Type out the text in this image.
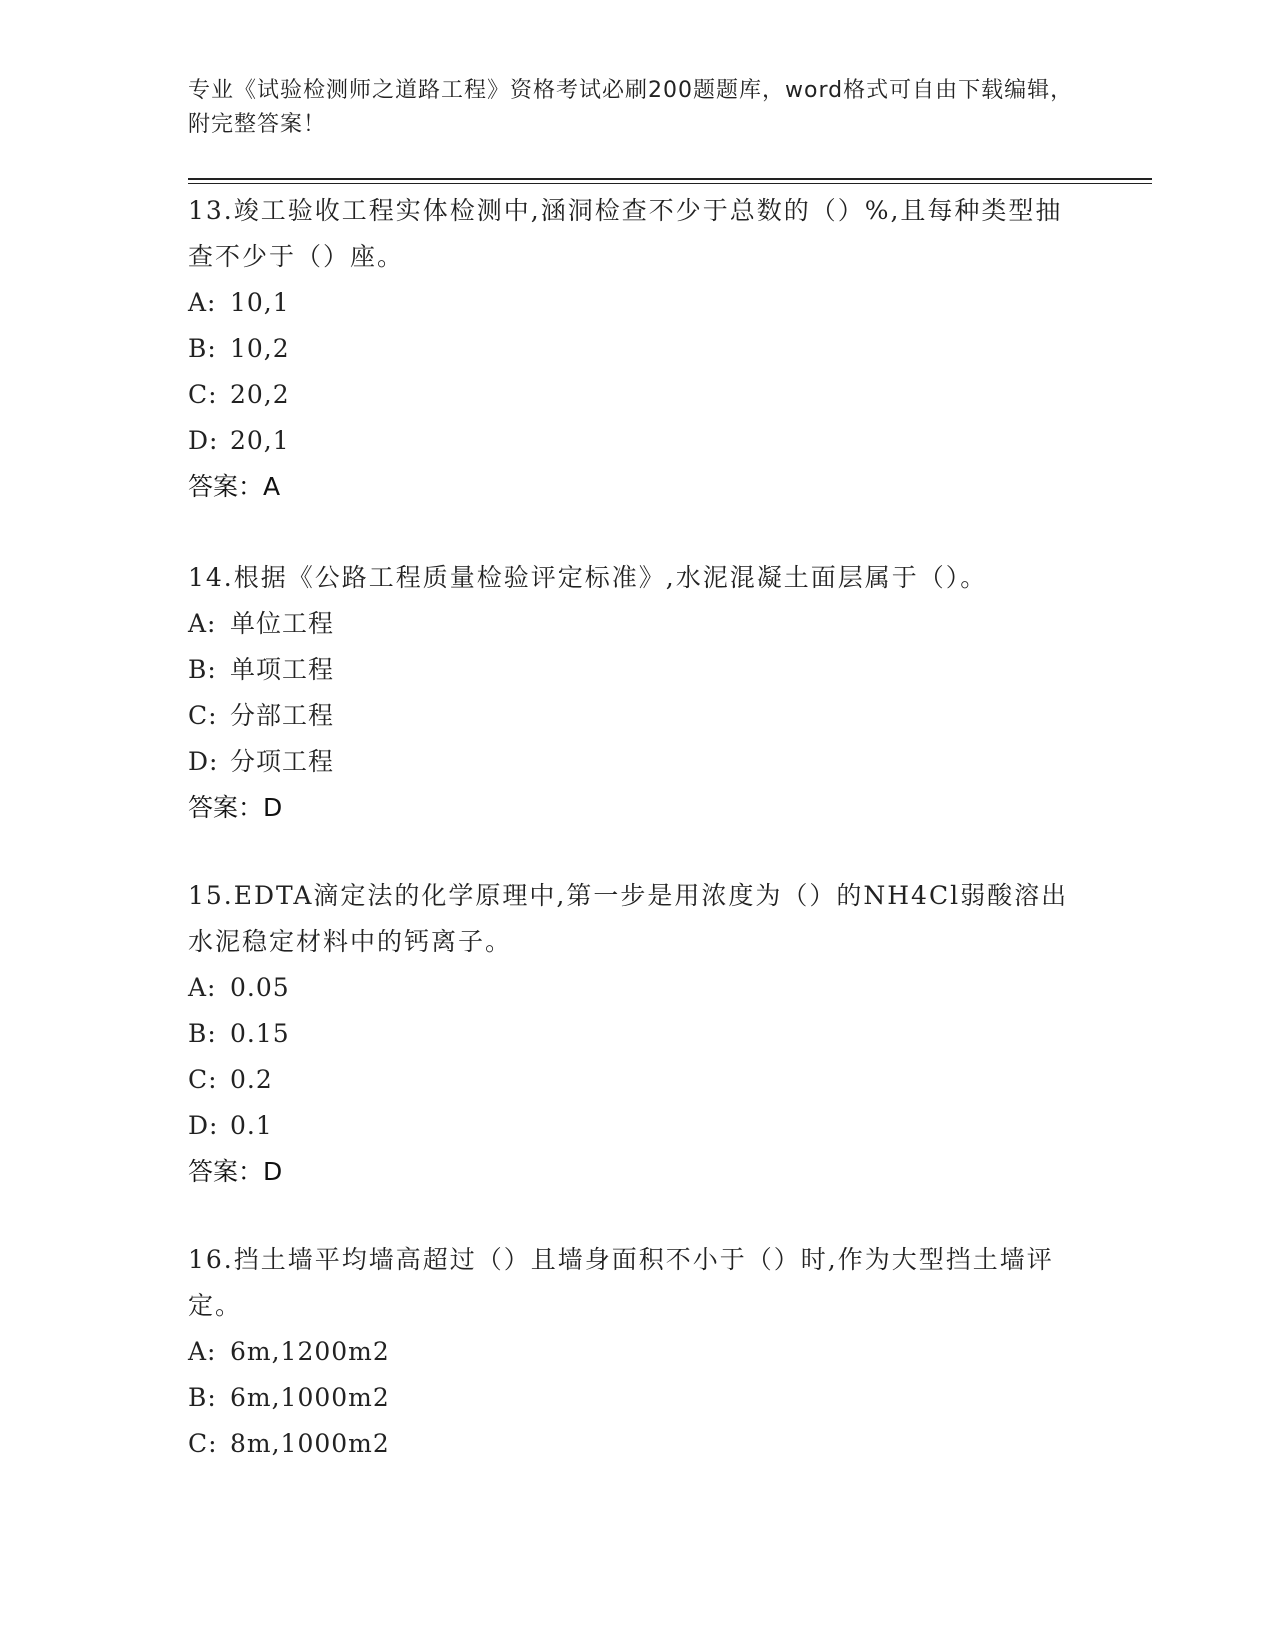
专业《试验检测师之道路工程》资格考试必刷200题题库，word格式可自由下载编辑，附完整答案！

13.竣工验收工程实体检测中,涵洞检查不少于总数的（）%,且每种类型抽查不少于（）座。

A: 10,1

B: 10,2

C: 20,2

D: 20,1

答案：A

14.根据《公路工程质量检验评定标准》,水泥混凝土面层属于（）。

A: 单位工程

B: 单项工程

C: 分部工程

D: 分项工程

答案：D

15.EDTA滴定法的化学原理中,第一步是用浓度为（）的NH4Cl弱酸溶出水泥稳定材料中的钙离子。

A: 0.05

B: 0.15

C: 0.2

D: 0.1

答案：D

16.挡土墙平均墙高超过（）且墙身面积不小于（）时,作为大型挡土墙评定。

A: 6m,1200m2

B: 6m,1000m2

C: 8m,1000m2
